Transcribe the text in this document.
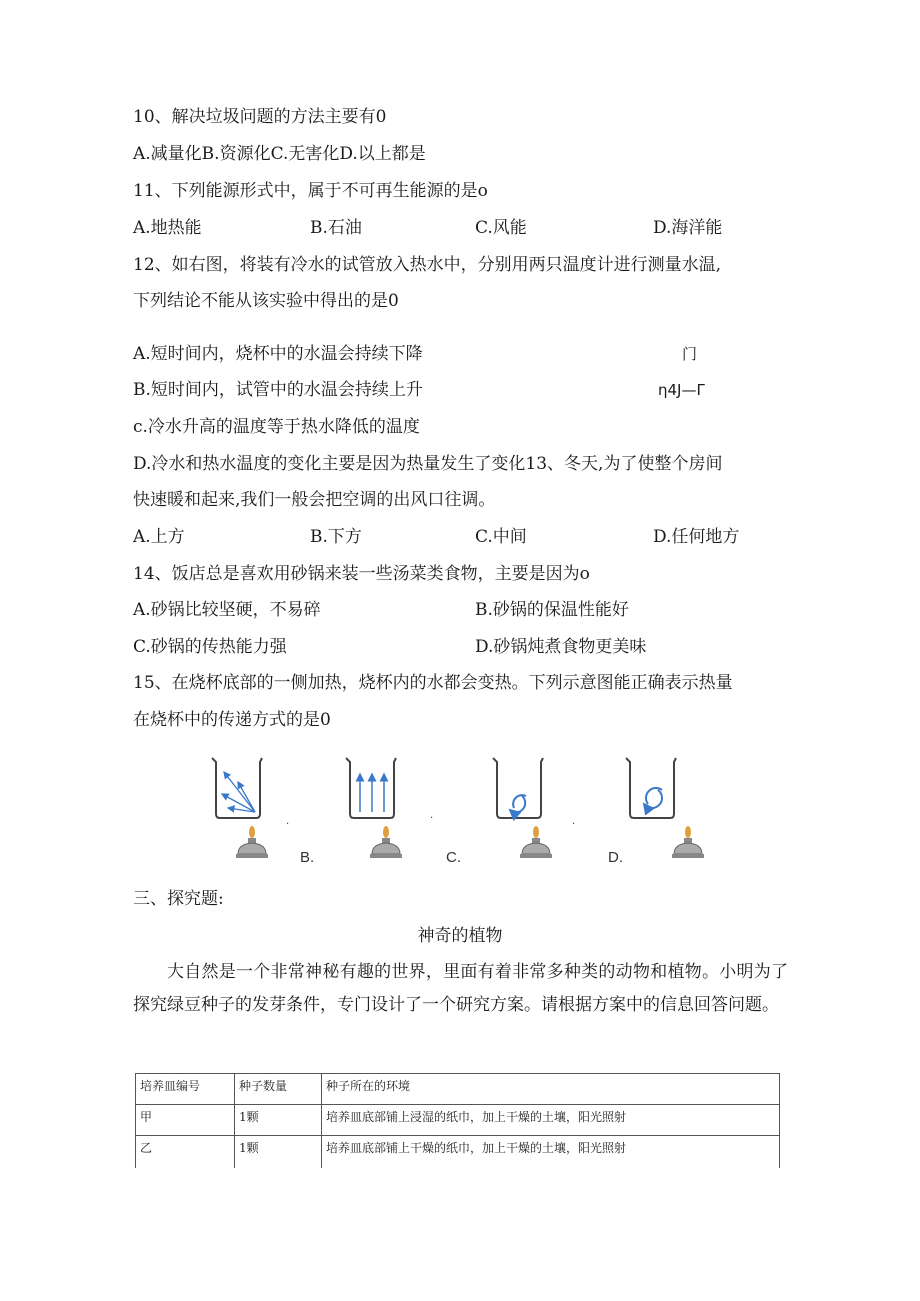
10、解决垃圾问题的方法主要有0
A.减量化B.资源化C.无害化D.以上都是
11、下列能源形式中，属于不可再生能源的是o
A.地热能	B.石油	C.风能	D.海洋能
12、如右图，将装有冷水的试管放入热水中，分别用两只温度计进行测量水温,
下列结论不能从该实验中得出的是0
A.短时间内，烧杯中的水温会持续下降	门
B.短时间内，试管中的水温会持续上升	η4J—Γ
c.冷水升高的温度等于热水降低的温度
D.冷水和热水温度的变化主要是因为热量发生了变化13、冬天,为了使整个房间
快速暖和起来,我们一般会把空调的出风口往调。
A.上方	B.下方	C.中间	D.任何地方
14、饭店总是喜欢用砂锅来装一些汤菜类食物，主要是因为o
A.砂锅比较坚硬，不易碎	B.砂锅的保温性能好
C.砂锅的传热能力强	D.砂锅炖煮食物更美味
15、在烧杯底部的一侧加热，烧杯内的水都会变热。下列示意图能正确表示热量
在烧杯中的传递方式的是0
.
B.
.
C.
.
D.
三、探究题:
神奇的植物
大自然是一个非常神秘有趣的世界，里面有着非常多种类的动物和植物。小明为了探究绿豆种子的发芽条件，专门设计了一个研究方案。请根据方案中的信息回答问题。
培养皿编号	种子数量	种子所在的环境
甲	1颗	培养皿底部铺上浸湿的纸巾，加上干燥的土壤，阳光照射
乙	1颗	培养皿底部铺上干燥的纸巾，加上干燥的土壤，阳光照射
